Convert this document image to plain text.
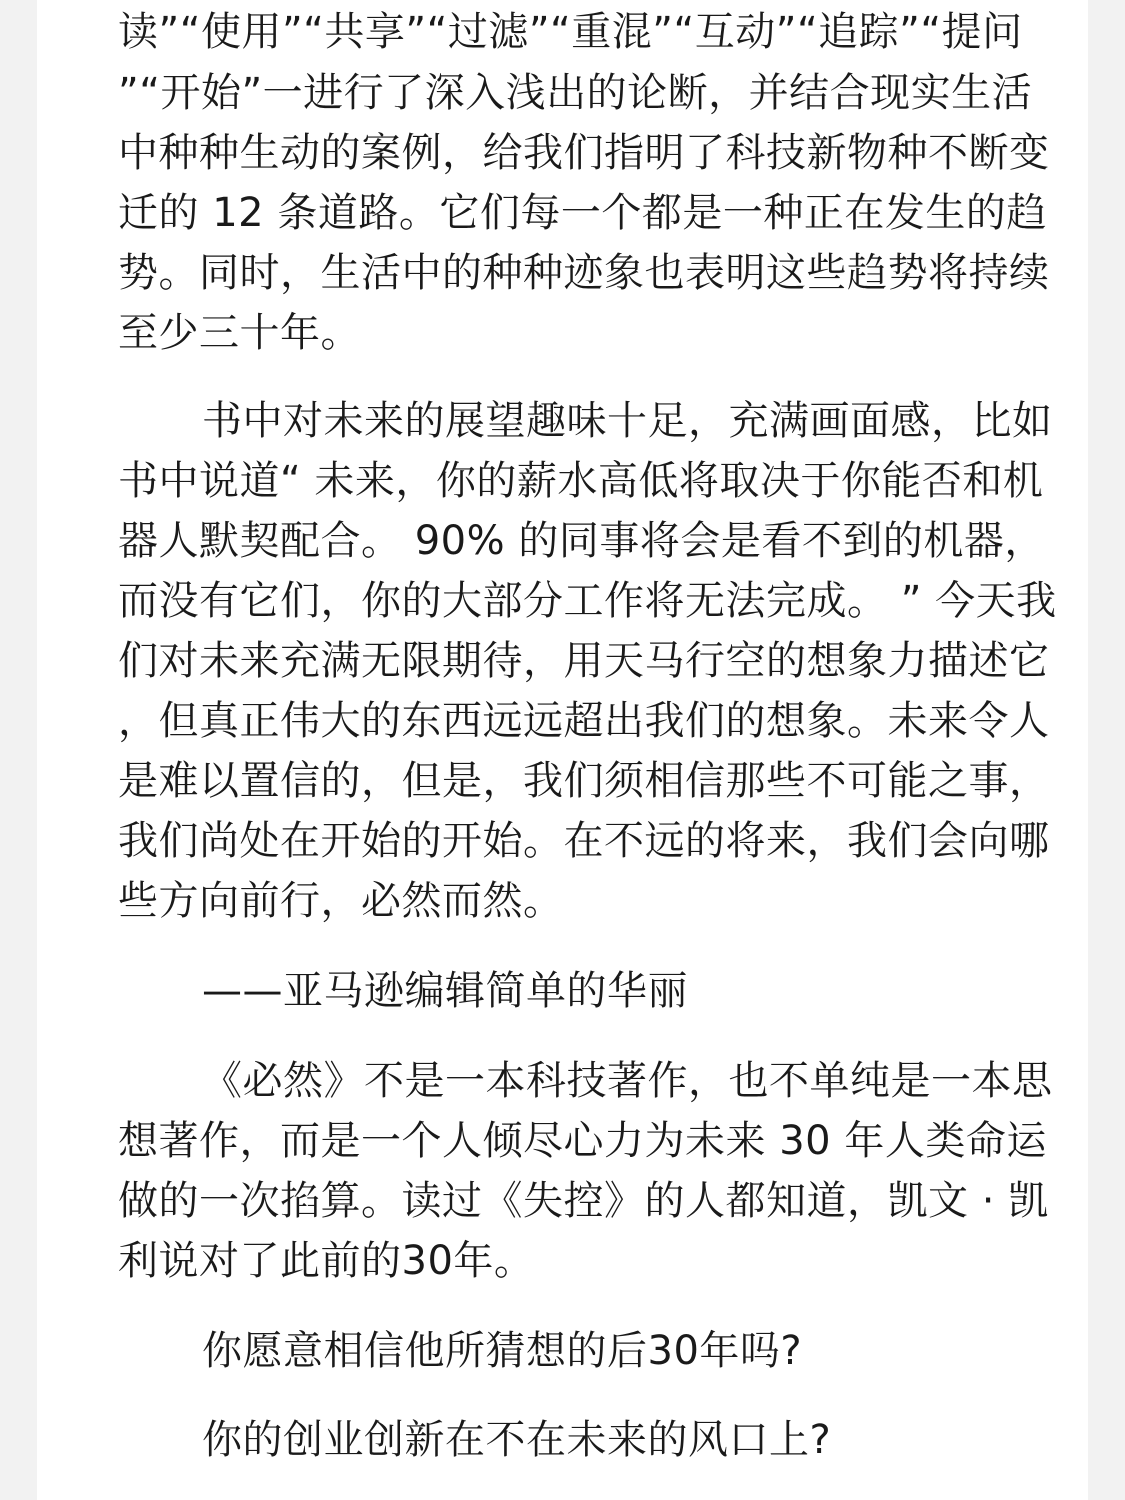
读”“使用”“共享”“过滤”“重混”“互动”“追踪”“提问
”“开始”一进行了深入浅出的论断，并结合现实生活
中种种生动的案例，给我们指明了科技新物种不断变
迁的 12 条道路。它们每一个都是一种正在发生的趋
势。同时，生活中的种种迹象也表明这些趋势将持续
至少三十年。
书中对未来的展望趣味十足，充满画面感，比如
书中说道“ 未来，你的薪水高低将取决于你能否和机
器人默契配合。 90% 的同事将会是看不到的机器，
而没有它们，你的大部分工作将无法完成。 ” 今天我
们对未来充满无限期待，用天马行空的想象力描述它
，但真正伟大的东西远远超出我们的想象。未来令人
是难以置信的，但是，我们须相信那些不可能之事，
我们尚处在开始的开始。在不远的将来，我们会向哪
些方向前行，必然而然。
——亚马逊编辑简单的华丽
《必然》不是一本科技著作，也不单纯是一本思
想著作，而是一个人倾尽心力为未来 30 年人类命运
做的一次掐算。读过《失控》的人都知道，凯文 · 凯
利说对了此前的30年。
你愿意相信他所猜想的后30年吗?
你的创业创新在不在未来的风口上?
